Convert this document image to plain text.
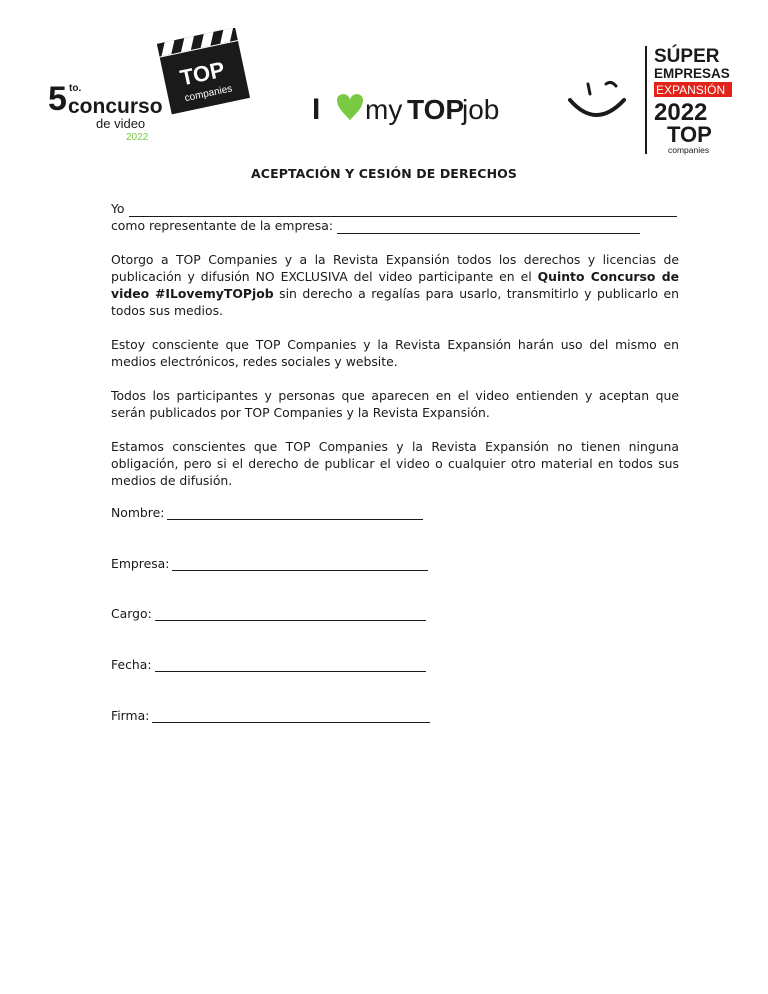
5 to.
concurso
de video
2022
TOP
companies	I my TOP
job
SÚPER
EMPRESAS
EXPANSIÓN
2022
TOP
companies
ACEPTACIÓN Y CESIÓN DE DERECHOS
Yo
como representante de la empresa:

Otorgo a TOP Companies y a la Revista Expansión todos los derechos y licencias de publicación y difusión NO EXCLUSIVA del video participante en el Quinto Concurso de video #ILovemyTOPjob sin derecho a regalías para usarlo, transmitirlo y publicarlo en todos sus medios.

Estoy consciente que TOP Companies y la Revista Expansión harán uso del mismo en medios electrónicos, redes sociales y website.

Todos los participantes y personas que aparecen en el video entienden y aceptan que serán publicados por TOP Companies y la Revista Expansión.

Estamos conscientes que TOP Companies y la Revista Expansión no tienen ninguna obligación, pero si el derecho de publicar el video o cualquier otro material en todos sus medios de difusión.

Nombre:
Empresa:
Cargo:
Fecha:
Firma:
